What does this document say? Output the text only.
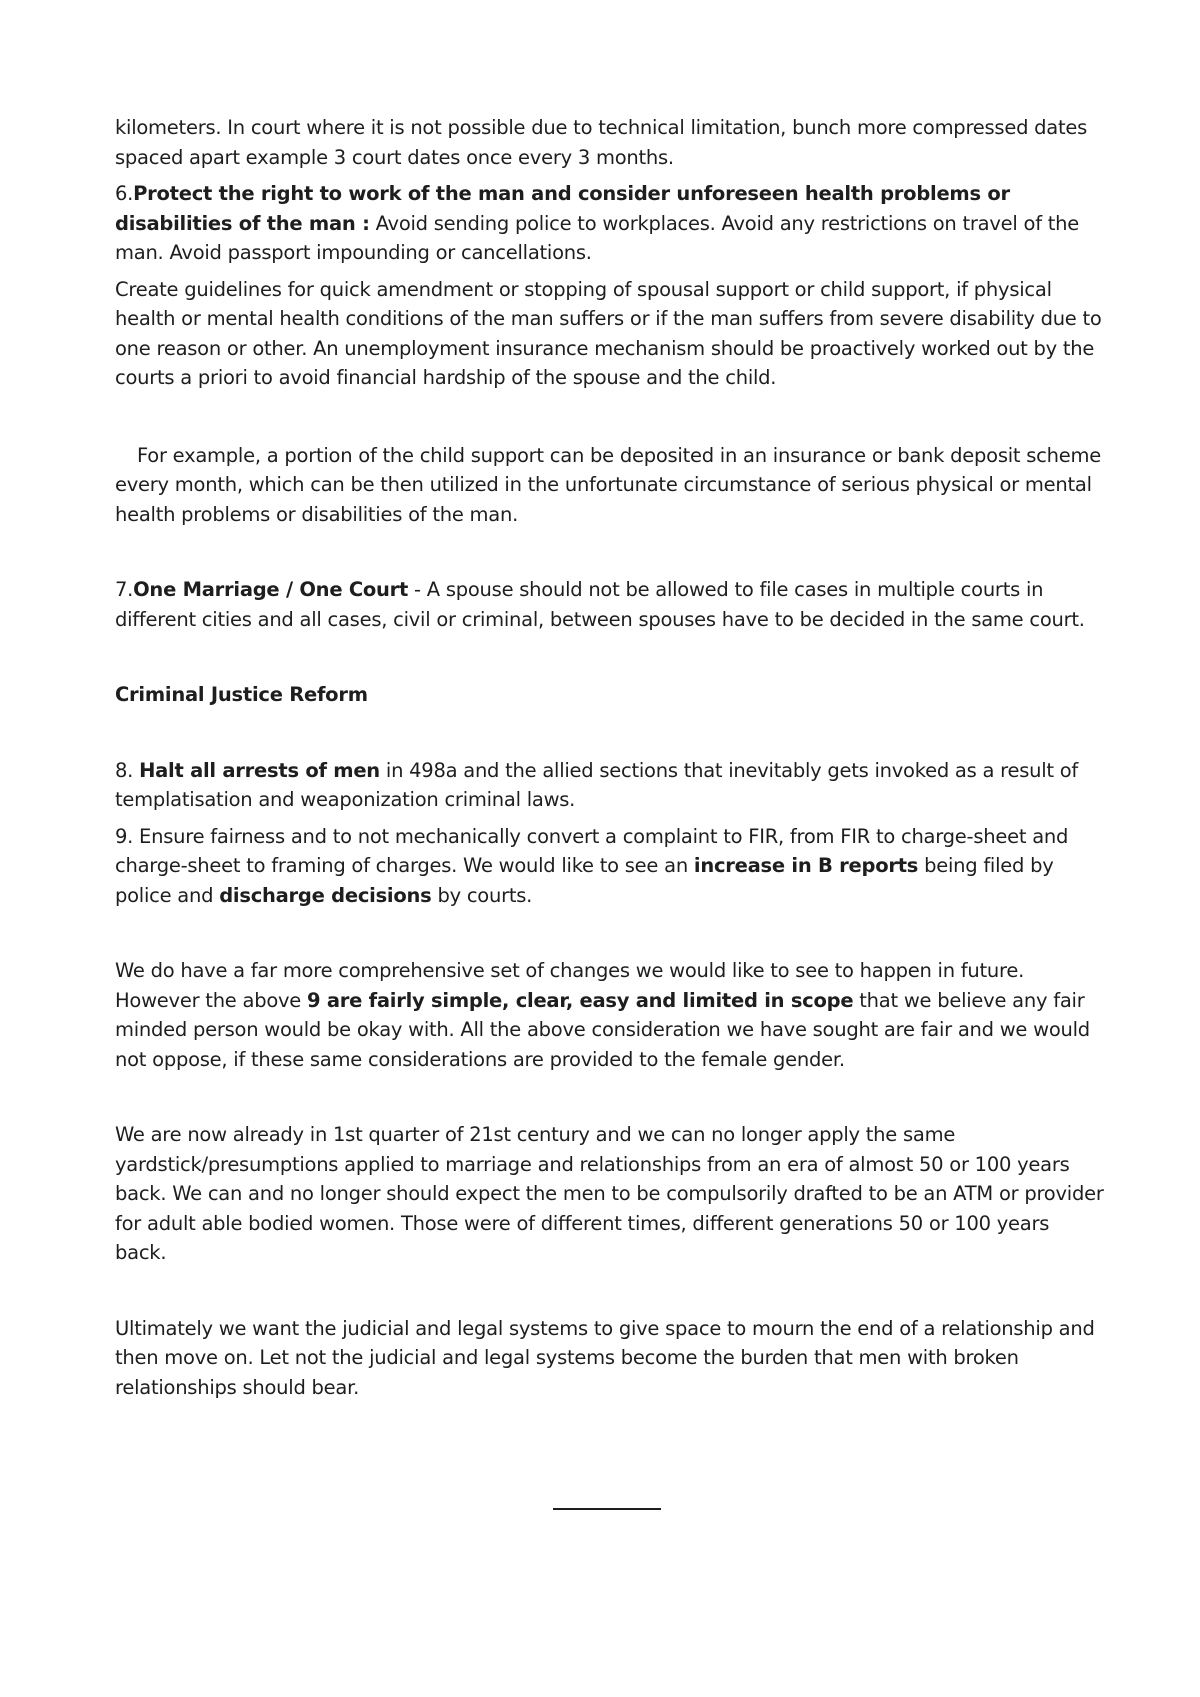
kilometers. In court where it is not possible due to technical limitation, bunch more compressed dates spaced apart example 3 court dates once every 3 months.

6.Protect the right to work of the man and consider unforeseen health problems or disabilities of the man : Avoid sending police to workplaces. Avoid any restrictions on travel of the man. Avoid passport impounding or cancellations.

Create guidelines for quick amendment or stopping of spousal support or child support, if physical health or mental health conditions of the man suffers or if the man suffers from severe disability due to one reason or other. An unemployment insurance mechanism should be proactively worked out by the courts a priori to avoid financial hardship of the spouse and the child.

For example, a portion of the child support can be deposited in an insurance or bank deposit scheme every month, which can be then utilized in the unfortunate circumstance of serious physical or mental health problems or disabilities of the man.

7.One Marriage / One Court - A spouse should not be allowed to file cases in multiple courts in different cities and all cases, civil or criminal, between spouses have to be decided in the same court.

Criminal Justice Reform

8. Halt all arrests of men in 498a and the allied sections that inevitably gets invoked as a result of templatisation and weaponization criminal laws.

9. Ensure fairness and to not mechanically convert a complaint to FIR, from FIR to charge-sheet and charge-sheet to framing of charges. We would like to see an increase in B reports being filed by police and discharge decisions by courts.

We do have a far more comprehensive set of changes we would like to see to happen in future. However the above 9 are fairly simple, clear, easy and limited in scope that we believe any fair minded person would be okay with. All the above consideration we have sought are fair and we would not oppose, if these same considerations are provided to the female gender.

We are now already in 1st quarter of 21st century and we can no longer apply the same yardstick/presumptions applied to marriage and relationships from an era of almost 50 or 100 years back. We can and no longer should expect the men to be compulsorily drafted to be an ATM or provider for adult able bodied women. Those were of different times, different generations 50 or 100 years back.

Ultimately we want the judicial and legal systems to give space to mourn the end of a relationship and then move on. Let not the judicial and legal systems become the burden that men with broken relationships should bear.
